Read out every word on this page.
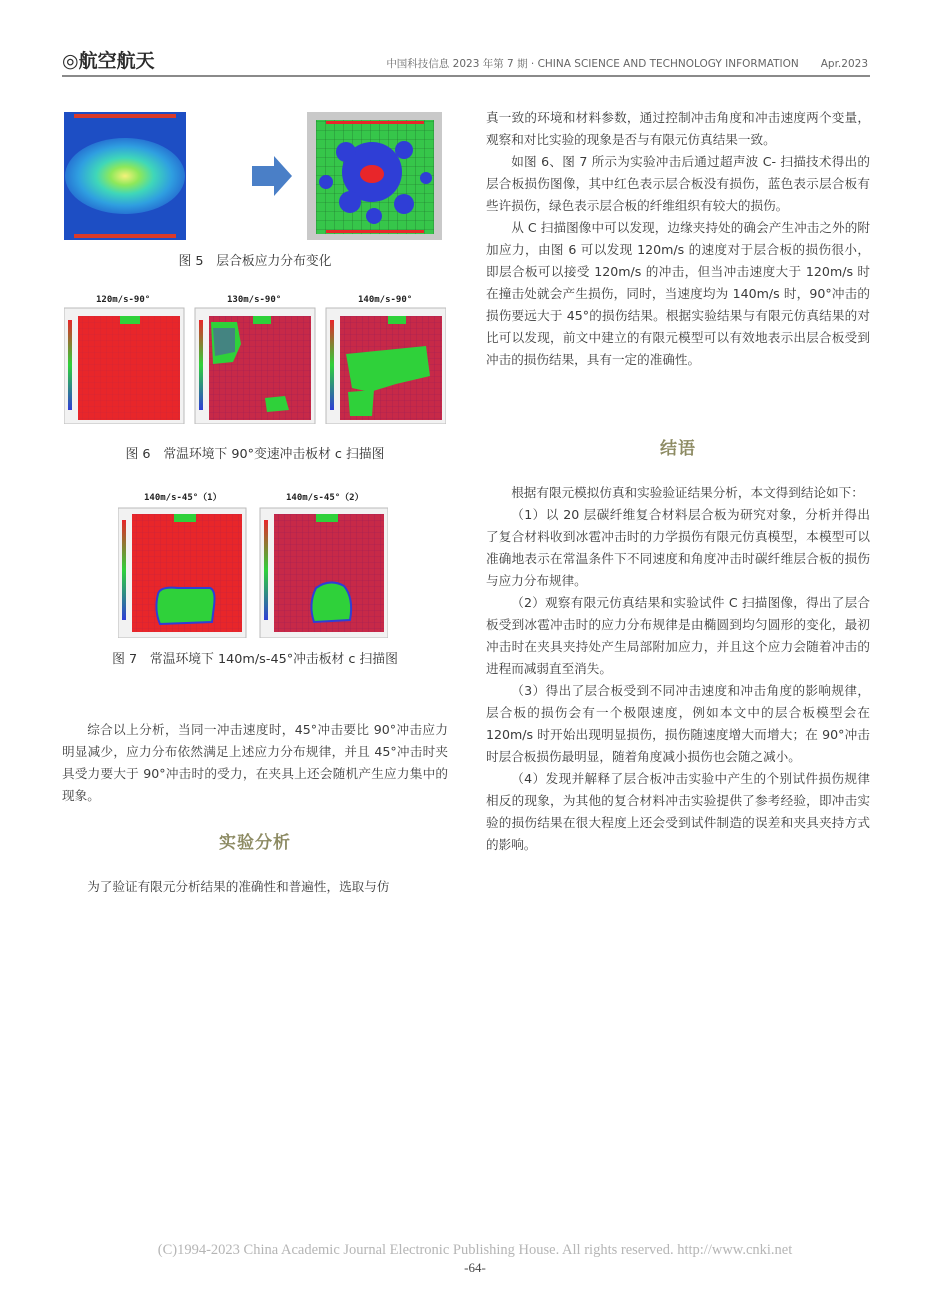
◎航空航天	中国科技信息 2023 年第 7 期 · CHINA SCIENCE AND TECHNOLOGY INFORMATION Apr.2023
图 5　层合板应力分布变化
120m/s-90°	130m/s-90°	140m/s-90°
图 6　常温环境下 90°变速冲击板材 c 扫描图
140m/s-45°（1）	140m/s-45°（2）
图 7　常温环境下 140m/s-45°冲击板材 c 扫描图

综合以上分析，当同一冲击速度时，45°冲击要比 90°冲击应力明显减少，应力分布依然满足上述应力分布规律，并且 45°冲击时夹具受力要大于 90°冲击时的受力，在夹具上还会随机产生应力集中的现象。

实验分析

为了验证有限元分析结果的准确性和普遍性，选取与仿

真一致的环境和材料参数，通过控制冲击角度和冲击速度两个变量，观察和对比实验的现象是否与有限元仿真结果一致。

如图 6、图 7 所示为实验冲击后通过超声波 C- 扫描技术得出的层合板损伤图像，其中红色表示层合板没有损伤，蓝色表示层合板有些许损伤，绿色表示层合板的纤维组织有较大的损伤。

从 C 扫描图像中可以发现，边缘夹持处的确会产生冲击之外的附加应力，由图 6 可以发现 120m/s 的速度对于层合板的损伤很小，即层合板可以接受 120m/s 的冲击，但当冲击速度大于 120m/s 时在撞击处就会产生损伤，同时，当速度均为 140m/s 时，90°冲击的损伤要远大于 45°的损伤结果。根据实验结果与有限元仿真结果的对比可以发现，前文中建立的有限元模型可以有效地表示出层合板受到冲击的损伤结果，具有一定的准确性。

结语

根据有限元模拟仿真和实验验证结果分析，本文得到结论如下：

（1）以 20 层碳纤维复合材料层合板为研究对象，分析并得出了复合材料收到冰雹冲击时的力学损伤有限元仿真模型，本模型可以准确地表示在常温条件下不同速度和角度冲击时碳纤维层合板的损伤与应力分布规律。

（2）观察有限元仿真结果和实验试件 C 扫描图像，得出了层合板受到冰雹冲击时的应力分布规律是由椭圆到均匀圆形的变化，最初冲击时在夹具夹持处产生局部附加应力，并且这个应力会随着冲击的进程而减弱直至消失。

（3）得出了层合板受到不同冲击速度和冲击角度的影响规律，层合板的损伤会有一个极限速度，例如本文中的层合板模型会在 120m/s 时开始出现明显损伤，损伤随速度增大而增大；在 90°冲击时层合板损伤最明显，随着角度减小损伤也会随之减小。

（4）发现并解释了层合板冲击实验中产生的个别试件损伤规律相反的现象，为其他的复合材料冲击实验提供了参考经验，即冲击实验的损伤结果在很大程度上还会受到试件制造的误差和夹具夹持方式的影响。

(C)1994-2023 China Academic Journal Electronic Publishing House. All rights reserved. http://www.cnki.net
-64-
